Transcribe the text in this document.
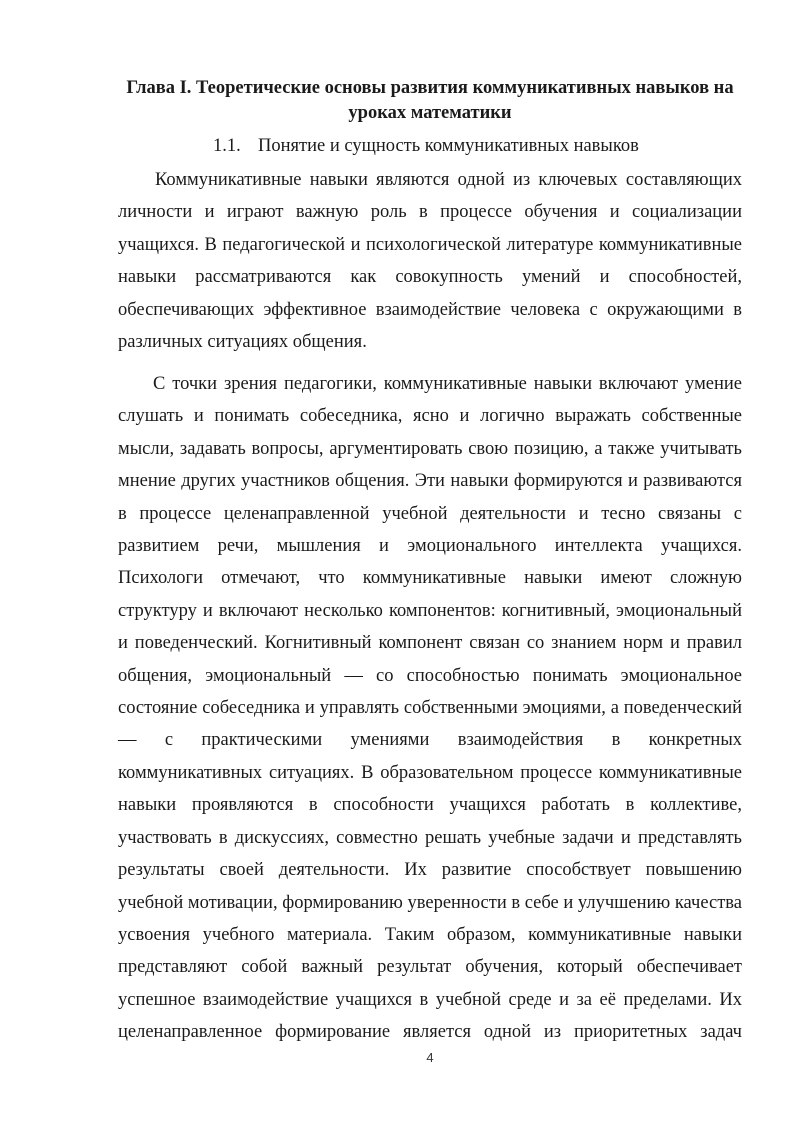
Глава I. Теоретические основы развития коммуникативных навыков на уроках математики
1.1. Понятие и сущность коммуникативных навыков

Коммуникативные навыки являются одной из ключевых составляющих личности и играют важную роль в процессе обучения и социализации учащихся. В педагогической и психологической литературе коммуникативные навыки рассматриваются как совокупность умений и способностей, обеспечивающих эффективное взаимодействие человека с окружающими в различных ситуациях общения.

С точки зрения педагогики, коммуникативные навыки включают умение слушать и понимать собеседника, ясно и логично выражать собственные мысли, задавать вопросы, аргументировать свою позицию, а также учитывать мнение других участников общения. Эти навыки формируются и развиваются в процессе целенаправленной учебной деятельности и тесно связаны с развитием речи, мышления и эмоционального интеллекта учащихся. Психологи отмечают, что коммуникативные навыки имеют сложную структуру и включают несколько компонентов: когнитивный, эмоциональный и поведенческий. Когнитивный компонент связан со знанием норм и правил общения, эмоциональный — со способностью понимать эмоциональное состояние собеседника и управлять собственными эмоциями, а поведенческий — с практическими умениями взаимодействия в конкретных коммуникативных ситуациях. В образовательном процессе коммуникативные навыки проявляются в способности учащихся работать в коллективе, участвовать в дискуссиях, совместно решать учебные задачи и представлять результаты своей деятельности. Их развитие способствует повышению учебной мотивации, формированию уверенности в себе и улучшению качества усвоения учебного материала. Таким образом, коммуникативные навыки представляют собой важный результат обучения, который обеспечивает успешное взаимодействие учащихся в учебной среде и за её пределами. Их целенаправленное формирование является одной из приоритетных задач

4
